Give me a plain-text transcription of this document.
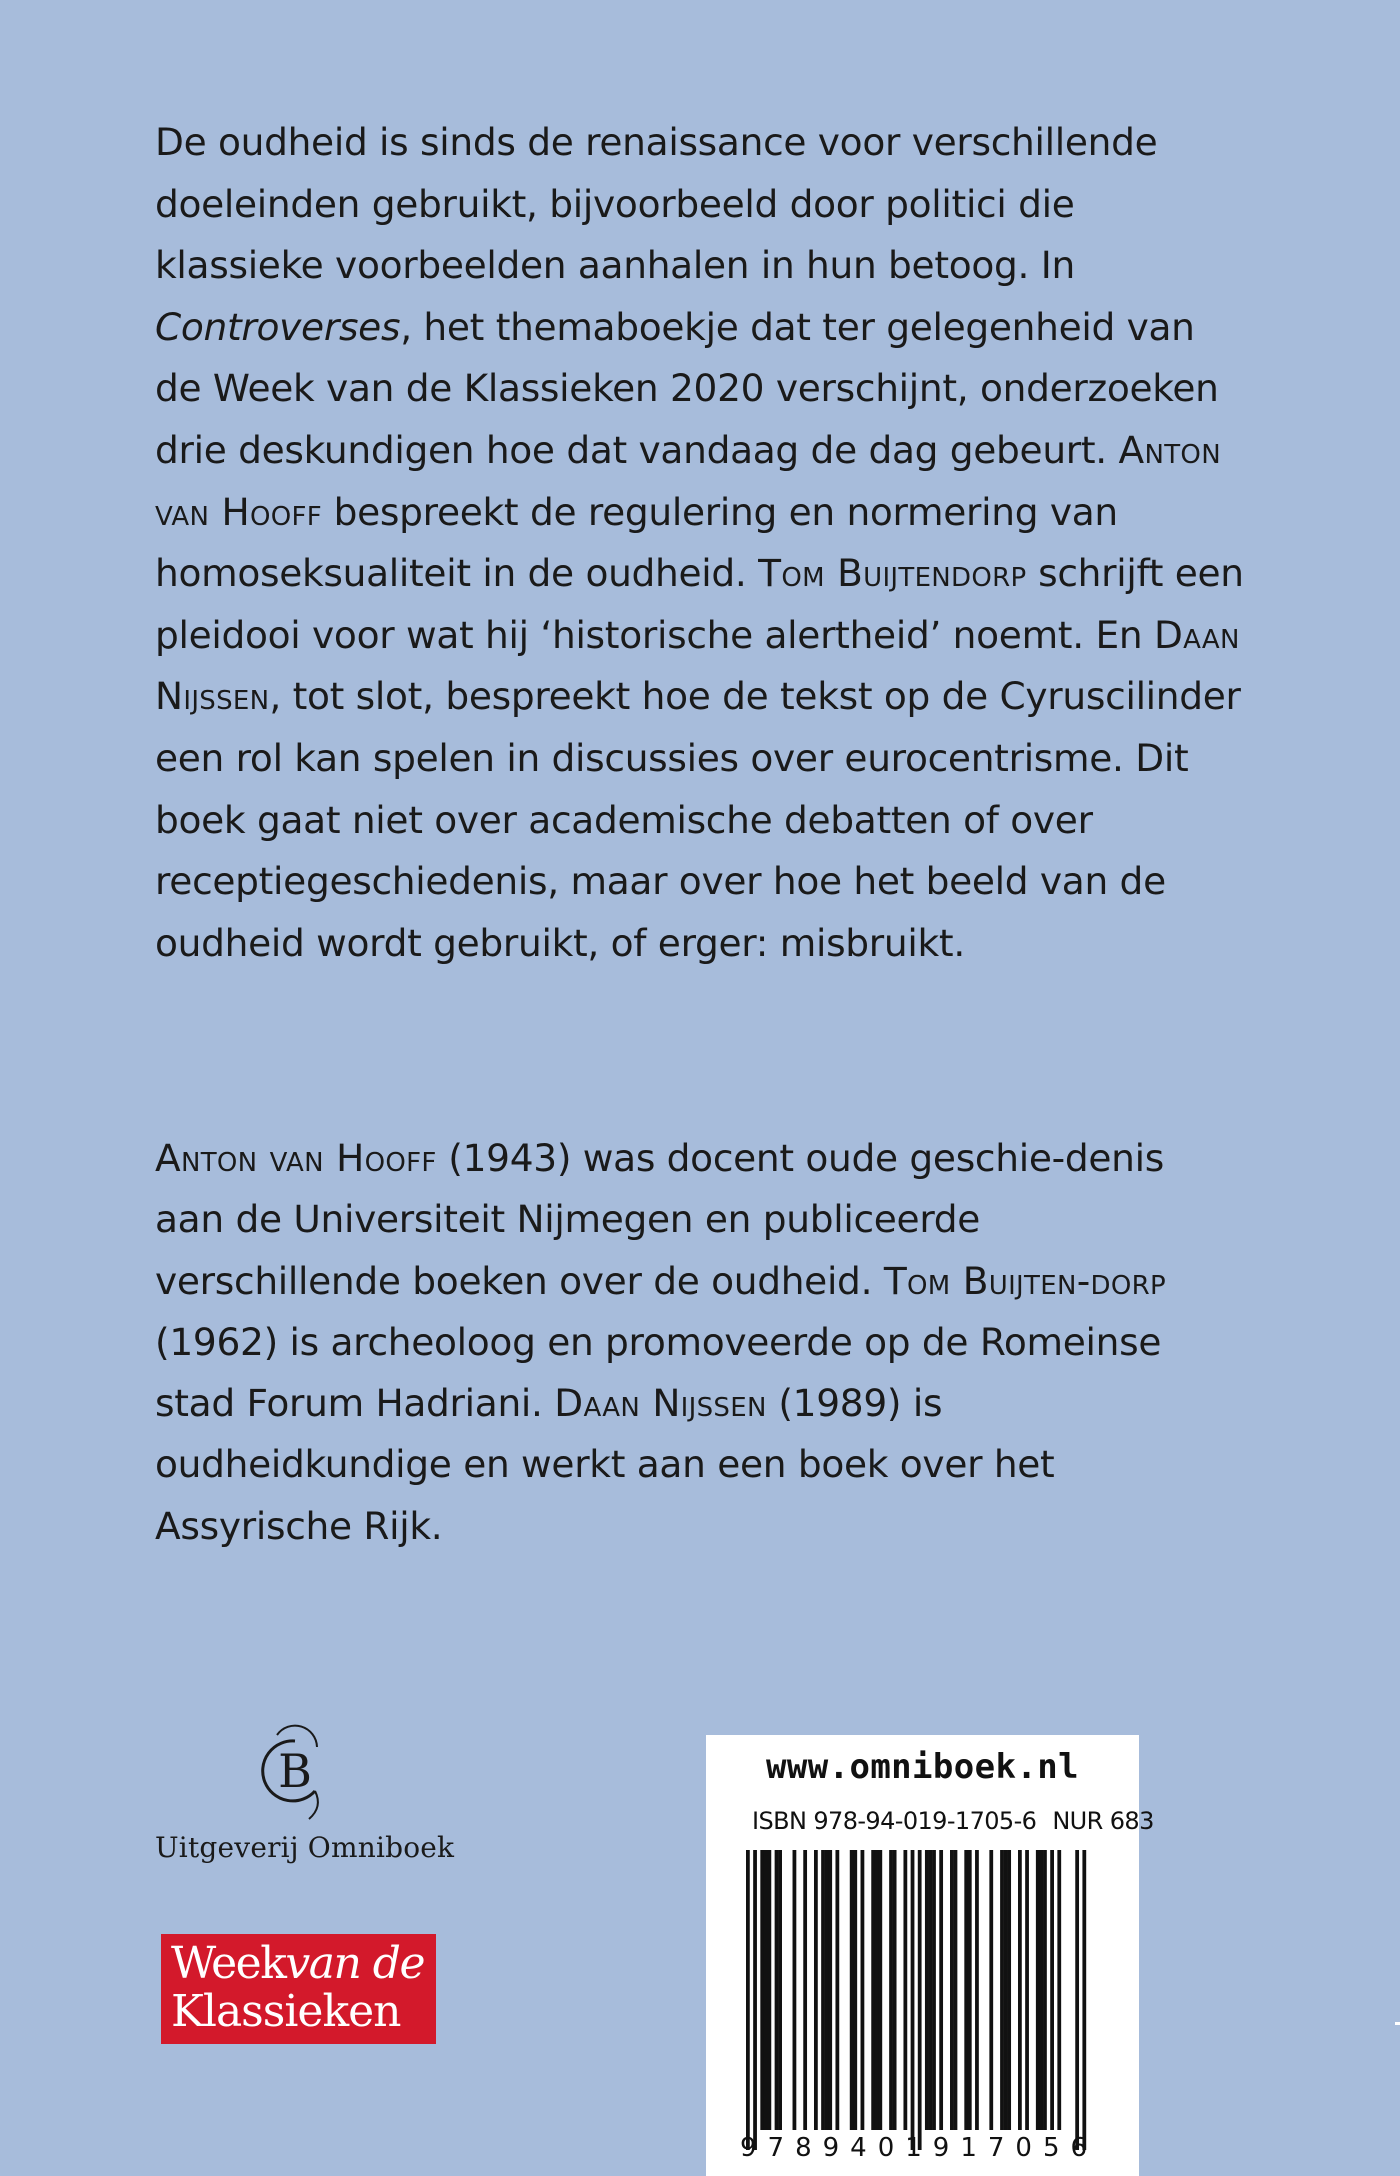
De oudheid is sinds de renaissance voor verschillende doeleinden gebruikt, bijvoorbeeld door politici die klassieke voorbeelden aanhalen in hun betoog. In Controverses, het themaboekje dat ter gelegenheid van de Week van de Klassieken 2020 verschijnt, onderzoeken drie deskundigen hoe dat vandaag de dag gebeurt. Anton van Hooff bespreekt de regulering en normering van homoseksualiteit in de oudheid. Tom Buijtendorp schrijft een pleidooi voor wat hij ‘historische alertheid’ noemt. En Daan Nijssen, tot slot, bespreekt hoe de tekst op de Cyruscilinder een rol kan spelen in discussies over eurocentrisme. Dit boek gaat niet over academische debatten of over receptiegeschiedenis, maar over hoe het beeld van de oudheid wordt gebruikt, of erger: misbruikt.

Anton van Hooff (1943) was docent oude geschie-denis aan de Universiteit Nijmegen en publiceerde verschillende boeken over de oudheid. Tom Buijten-dorp (1962) is archeoloog en promoveerde op de Romeinse stad Forum Hadriani. Daan Nijssen (1989) is oudheidkundige en werkt aan een boek over het Assyrische Rijk.

B
Uitgeverij Omniboek
Weekvan de
Klassieken
www.omniboek.nl
ISBN 978-94-019-1705-6 NUR 683
9789401917056
